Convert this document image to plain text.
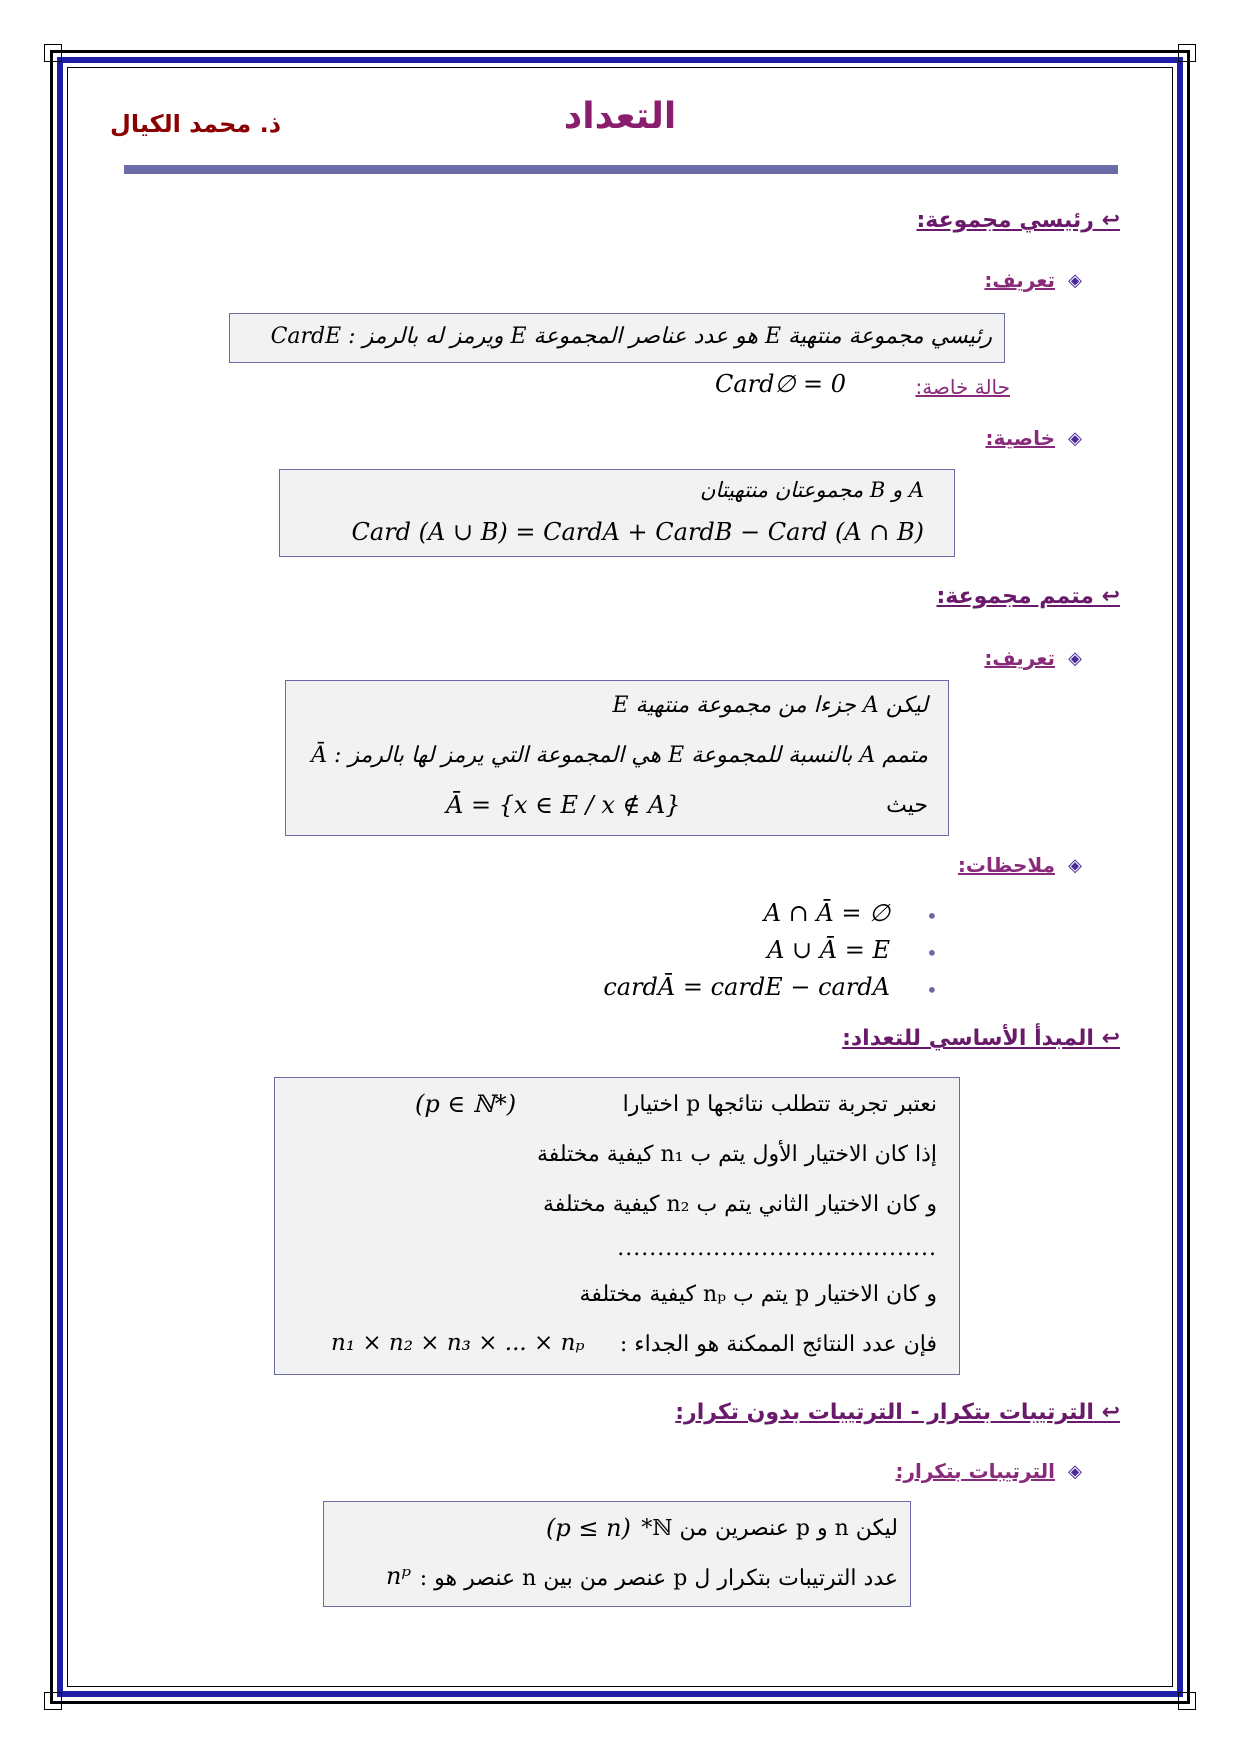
التعداد
ذ. محمد الكيال
↩ رئيسي مجموعة:
◈
تعريف:
رئيسي مجموعة منتهية E هو عدد عناصر المجموعة E ويرمز له بالرمز : CardE
حالة خاصة:
Card∅ = 0
◈
خاصية:
A و B مجموعتان منتهيتان
Card (A ∪ B) = CardA + CardB − Card (A ∩ B)
↩ متمم مجموعة:
◈
تعريف:
ليكن A جزءا من مجموعة منتهية E
متمم A بالنسبة للمجموعة E هي المجموعة التي يرمز لها بالرمز : Ā
حيث
Ā = {x ∈ E / x ∉ A}
◈
ملاحظات:
•
A ∩ Ā = ∅
•
A ∪ Ā = E
•
cardĀ = cardE − cardA
↩ المبدأ الأساسي للتعداد:
نعتبر تجربة تتطلب نتائجها p اختيارا
(p ∈ ℕ*)
إذا كان الاختيار الأول يتم ب n₁ كيفية مختلفة
و كان الاختيار الثاني يتم ب n₂ كيفية مختلفة
........................................
و كان الاختيار p يتم ب nₚ كيفية مختلفة
فإن عدد النتائج الممكنة هو الجداء :
n₁ × n₂ × n₃ × ... × nₚ
↩ الترتيبات بتكرار - الترتيبات بدون تكرار:
◈
الترتيبات بتكرار:
ليكن n و p عنصرين من ℕ*
(p ≤ n)
عدد الترتيبات بتكرار ل p عنصر من بين n عنصر هو :
nᵖ
